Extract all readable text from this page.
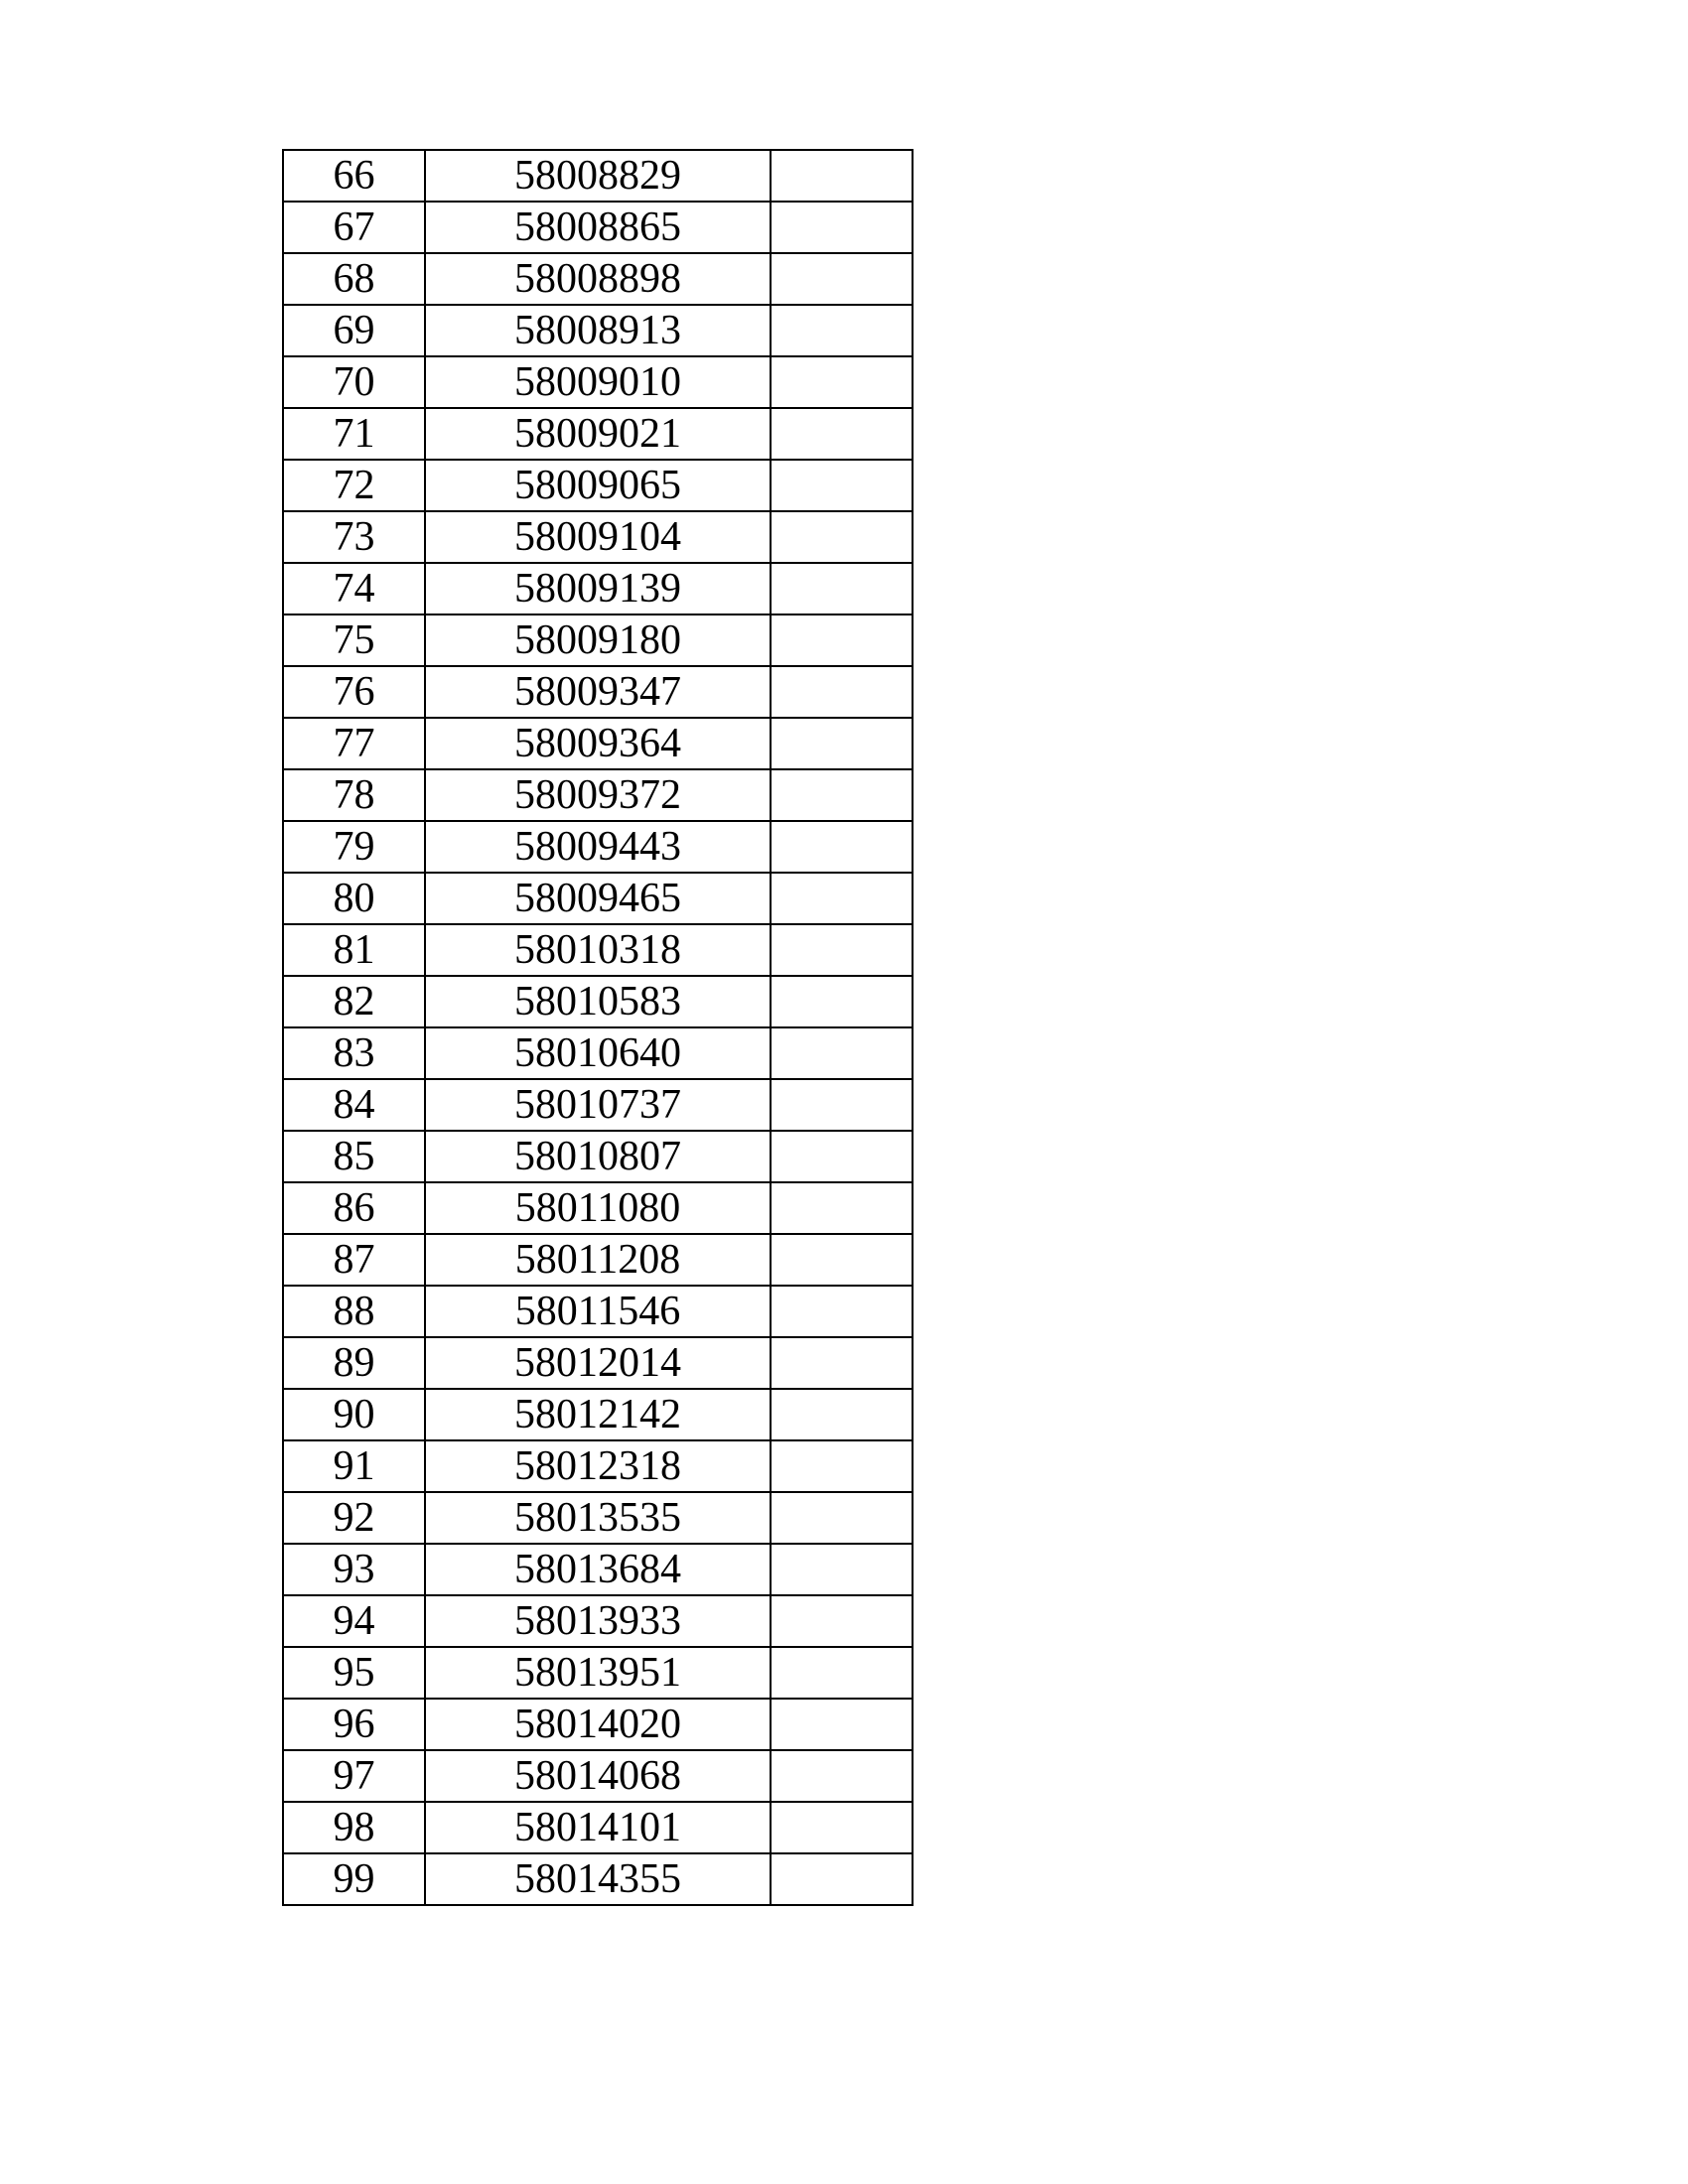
66	58008829	
67	58008865	
68	58008898	
69	58008913	
70	58009010	
71	58009021	
72	58009065	
73	58009104	
74	58009139	
75	58009180	
76	58009347	
77	58009364	
78	58009372	
79	58009443	
80	58009465	
81	58010318	
82	58010583	
83	58010640	
84	58010737	
85	58010807	
86	58011080	
87	58011208	
88	58011546	
89	58012014	
90	58012142	
91	58012318	
92	58013535	
93	58013684	
94	58013933	
95	58013951	
96	58014020	
97	58014068	
98	58014101	
99	58014355	
